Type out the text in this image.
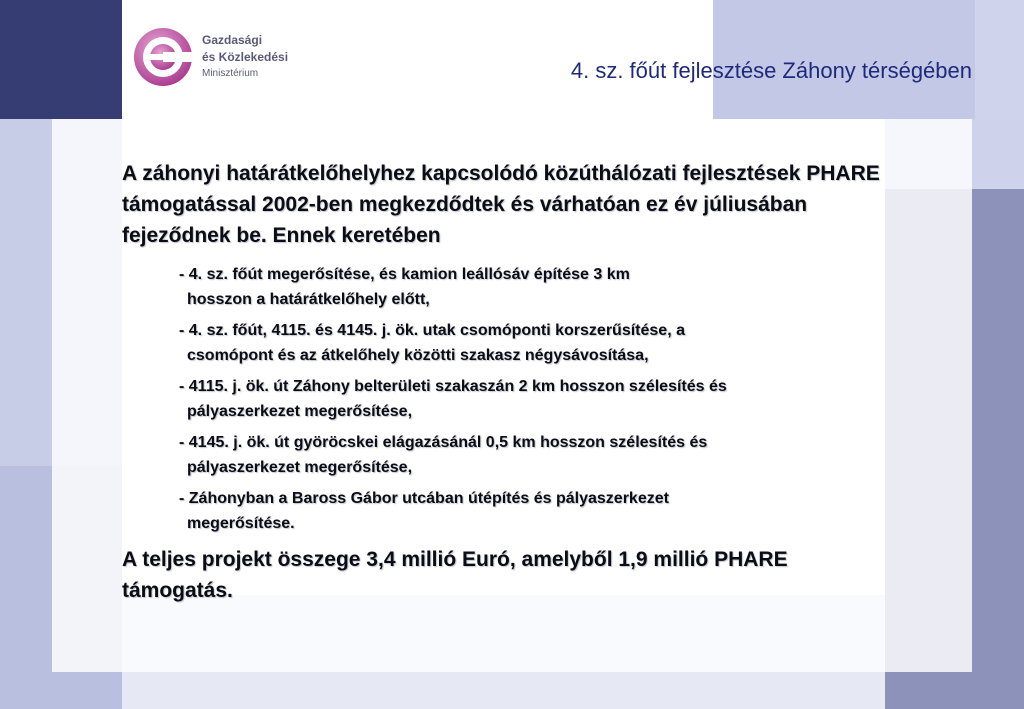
Gazdasági
és Közlekedési
Minisztérium	4. sz. főút fejlesztése Záhony térségében
A záhonyi határátkelőhelyhez kapcsolódó közúthálózati fejlesztések PHARE támogatással 2002-ben megkezdődtek és várhatóan ez év júliusában fejeződnek be. Ennek keretében
- 4. sz. főút megerősítése, és kamion leállósáv építése 3 km
hosszon a határátkelőhely előtt,
- 4. sz. főút, 4115. és 4145. j. ök. utak csomóponti korszerűsítése, a
csomópont és az átkelőhely közötti szakasz négysávosítása,
- 4115. j. ök. út Záhony belterületi szakaszán 2 km hosszon szélesítés és
pályaszerkezet megerősítése,
- 4145. j. ök. út györöcskei elágazásánál 0,5 km hosszon szélesítés és
pályaszerkezet megerősítése,
- Záhonyban a Baross Gábor utcában útépítés és pályaszerkezet
megerősítése.
A teljes projekt összege 3,4 millió Euró, amelyből 1,9 millió PHARE támogatás.
